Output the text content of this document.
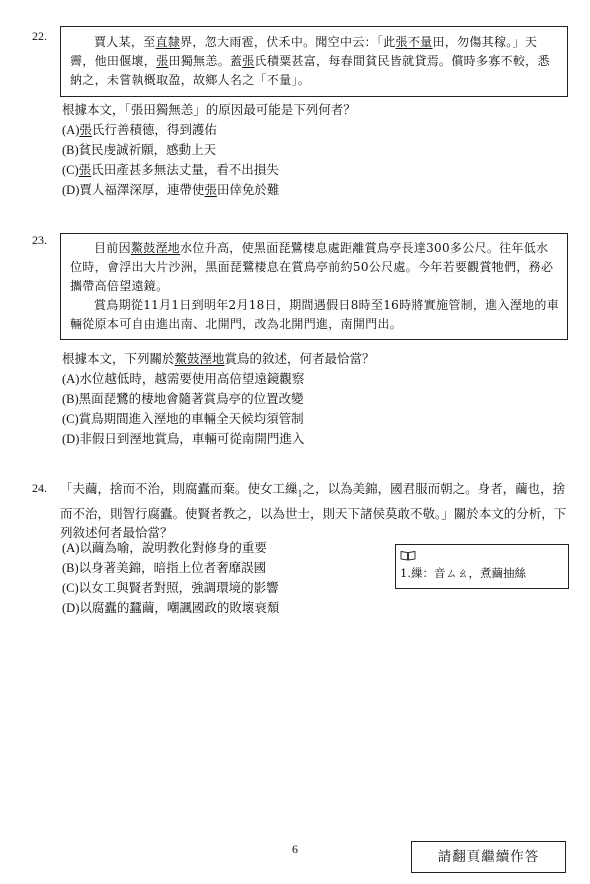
22.	賈人某，至直隸界，忽大雨雹，伏禾中。聞空中云：「此張不量田，勿傷其稼。」天霽，他田偃壞，張田獨無恙。蓋張氏積粟甚富，每春間貧民皆就貸焉。償時多寡不較，悉納之，未嘗執概取盈，故鄉人名之「不量」。

根據本文，「張田獨無恙」的原因最可能是下列何者？
(A)張氏行善積德，得到護佑
(B)貧民虔誠祈願，感動上天
(C)張氏田產甚多無法丈量，看不出損失
(D)賈人福澤深厚，連帶使張田倖免於難
23.

目前因鰲鼓溼地水位升高，使黑面琵鷺棲息處距離賞鳥亭長達300多公尺。往年低水位時，會浮出大片沙洲，黑面琵鷺棲息在賞鳥亭前約50公尺處。今年若要觀賞牠們，務必攜帶高倍望遠鏡。

賞鳥期從11月1日到明年2月18日，期間遇假日8時至16時將實施管制，進入溼地的車輛從原本可自由進出南、北開門，改為北開門進，南開門出。

根據本文，下列關於鰲鼓溼地賞鳥的敘述，何者最恰當？
(A)水位越低時，越需要使用高倍望遠鏡觀察
(B)黑面琵鷺的棲地會隨著賞鳥亭的位置改變
(C)賞鳥期間進入溼地的車輛全天候均須管制
(D)非假日到溼地賞鳥，車輛可從南開門進入
24. 「夫繭，捨而不治，則腐蠹而棄。使女工繅$_1$之，以為美錦，國君服而朝之。身者，繭也，捨而不治，則智行腐蠹。使賢者教之，以為世士，則天下諸侯莫敢不敬。」關於本文的分析，下列敘述何者最恰當？
(A)以繭為喻，說明教化對修身的重要
(B)以身著美錦，暗指上位者奢靡誤國
(C)以女工與賢者對照，強調環境的影響
(D)以腐蠹的蠶繭，嘲諷國政的敗壞衰頹
1.繅：音ㄙㄠ，煮繭抽絲
6	請翻頁繼續作答
